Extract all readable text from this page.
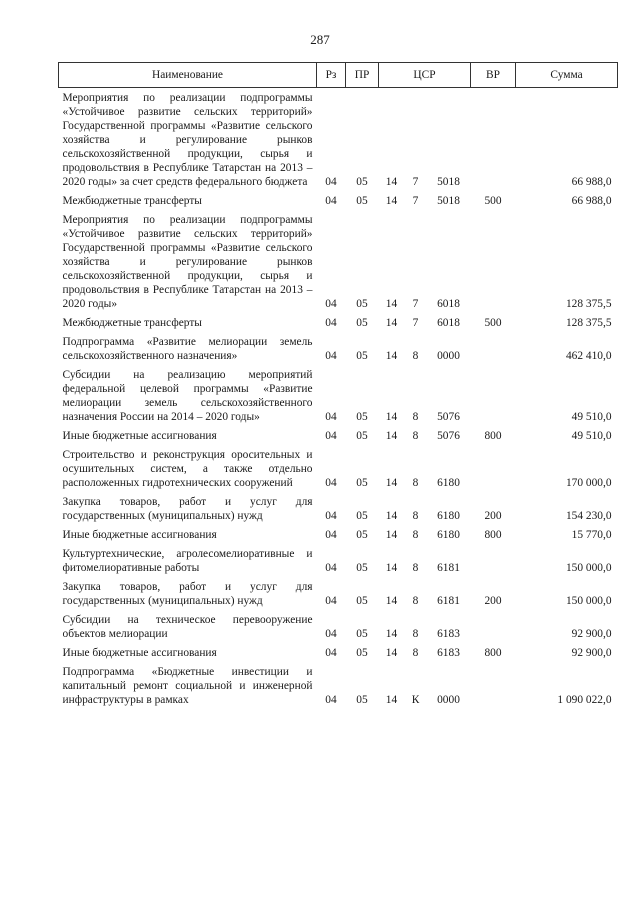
287
Наименование	Рз	ПР	ЦСР			ВР	Сумма
Мероприятия по реализации подпрограммы «Устойчивое развитие сельских территорий» Государственной программы «Развитие сельского хозяйства и регулирование рынков сельскохозяйственной продукции, сырья и продовольствия в Республике Татарстан на 2013 – 2020 годы» за счет средств федерального бюджета	04	05	14	7	5018		66 988,0
Межбюджетные трансферты	04	05	14	7	5018	500	66 988,0
Мероприятия по реализации подпрограммы «Устойчивое развитие сельских территорий» Государственной программы «Развитие сельского хозяйства и регулирование рынков сельскохозяйственной продукции, сырья и продовольствия в Республике Татарстан на 2013 – 2020 годы»	04	05	14	7	6018		128 375,5
Межбюджетные трансферты	04	05	14	7	6018	500	128 375,5
Подпрограмма «Развитие мелиорации земель сельскохозяйственного назначения»	04	05	14	8	0000		462 410,0
Субсидии на реализацию мероприятий федеральной целевой программы «Развитие мелиорации земель сельскохозяйственного назначения России на 2014 – 2020 годы»	04	05	14	8	5076		49 510,0
Иные бюджетные ассигнования	04	05	14	8	5076	800	49 510,0
Строительство и реконструкция оросительных и осушительных систем, а также отдельно расположенных гидротехнических сооружений	04	05	14	8	6180		170 000,0
Закупка товаров, работ и услуг для государственных (муниципальных) нужд	04	05	14	8	6180	200	154 230,0
Иные бюджетные ассигнования	04	05	14	8	6180	800	15 770,0
Культуртехнические, агролесомелиоративные и фитомелиоративные работы	04	05	14	8	6181		150 000,0
Закупка товаров, работ и услуг для государственных (муниципальных) нужд	04	05	14	8	6181	200	150 000,0
Субсидии на техническое перевооружение объектов мелиорации	04	05	14	8	6183		92 900,0
Иные бюджетные ассигнования	04	05	14	8	6183	800	92 900,0
Подпрограмма «Бюджетные инвестиции и капитальный ремонт социальной и инженерной инфраструктуры в рамках	04	05	14	К	0000		1 090 022,0
